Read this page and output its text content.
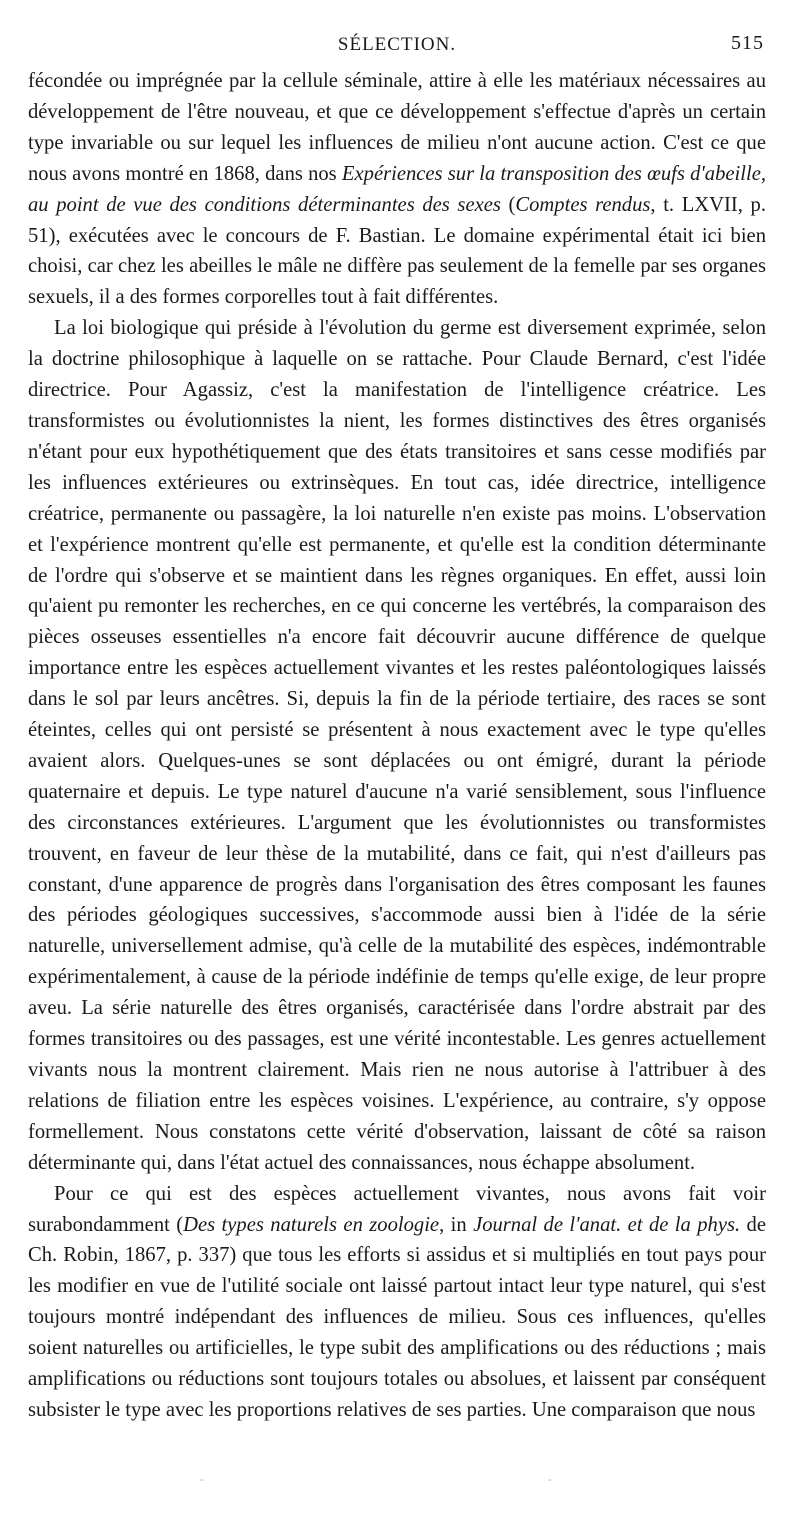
SÉLECTION.	515

fécondée ou imprégnée par la cellule séminale, attire à elle les matériaux nécessaires au développement de l'être nouveau, et que ce développement s'effectue d'après un certain type invariable ou sur lequel les influences de milieu n'ont aucune action. C'est ce que nous avons montré en 1868, dans nos Expériences sur la transposition des œufs d'abeille, au point de vue des conditions déterminantes des sexes (Comptes rendus, t. LXVII, p. 51), exécutées avec le concours de F. Bastian. Le domaine expérimental était ici bien choisi, car chez les abeilles le mâle ne diffère pas seulement de la femelle par ses organes sexuels, il a des formes corporelles tout à fait différentes.

La loi biologique qui préside à l'évolution du germe est diversement exprimée, selon la doctrine philosophique à laquelle on se rattache. Pour Claude Bernard, c'est l'idée directrice. Pour Agassiz, c'est la manifestation de l'intelligence créatrice. Les transformistes ou évolutionnistes la nient, les formes distinctives des êtres organisés n'étant pour eux hypothétiquement que des états transitoires et sans cesse modifiés par les influences extérieures ou extrinsèques. En tout cas, idée directrice, intelligence créatrice, permanente ou passagère, la loi naturelle n'en existe pas moins. L'observation et l'expérience montrent qu'elle est permanente, et qu'elle est la condition déterminante de l'ordre qui s'observe et se maintient dans les règnes organiques. En effet, aussi loin qu'aient pu remonter les recherches, en ce qui concerne les vertébrés, la comparaison des pièces osseuses essentielles n'a encore fait découvrir aucune différence de quelque importance entre les espèces actuellement vivantes et les restes paléontologiques laissés dans le sol par leurs ancêtres. Si, depuis la fin de la période tertiaire, des races se sont éteintes, celles qui ont persisté se présentent à nous exactement avec le type qu'elles avaient alors. Quelques-unes se sont déplacées ou ont émigré, durant la période quaternaire et depuis. Le type naturel d'aucune n'a varié sensiblement, sous l'influence des circonstances extérieures. L'argument que les évolutionnistes ou transformistes trouvent, en faveur de leur thèse de la mutabilité, dans ce fait, qui n'est d'ailleurs pas constant, d'une apparence de progrès dans l'organisation des êtres composant les faunes des périodes géologiques successives, s'accommode aussi bien à l'idée de la série naturelle, universellement admise, qu'à celle de la mutabilité des espèces, indémontrable expérimentalement, à cause de la période indéfinie de temps qu'elle exige, de leur propre aveu. La série naturelle des êtres organisés, caractérisée dans l'ordre abstrait par des formes transitoires ou des passages, est une vérité incontestable. Les genres actuellement vivants nous la montrent clairement. Mais rien ne nous autorise à l'attribuer à des relations de filiation entre les espèces voisines. L'expérience, au contraire, s'y oppose formellement. Nous constatons cette vérité d'observation, laissant de côté sa raison déterminante qui, dans l'état actuel des connaissances, nous échappe absolument.

Pour ce qui est des espèces actuellement vivantes, nous avons fait voir surabondamment (Des types naturels en zoologie, in Journal de l'anat. et de la phys. de Ch. Robin, 1867, p. 337) que tous les efforts si assidus et si multipliés en tout pays pour les modifier en vue de l'utilité sociale ont laissé partout intact leur type naturel, qui s'est toujours montré indépendant des influences de milieu. Sous ces influences, qu'elles soient naturelles ou artificielles, le type subit des amplifications ou des réductions ; mais amplifications ou réductions sont toujours totales ou absolues, et laissent par conséquent subsister le type avec les proportions relatives de ses parties. Une comparaison que nous

¨	¨
